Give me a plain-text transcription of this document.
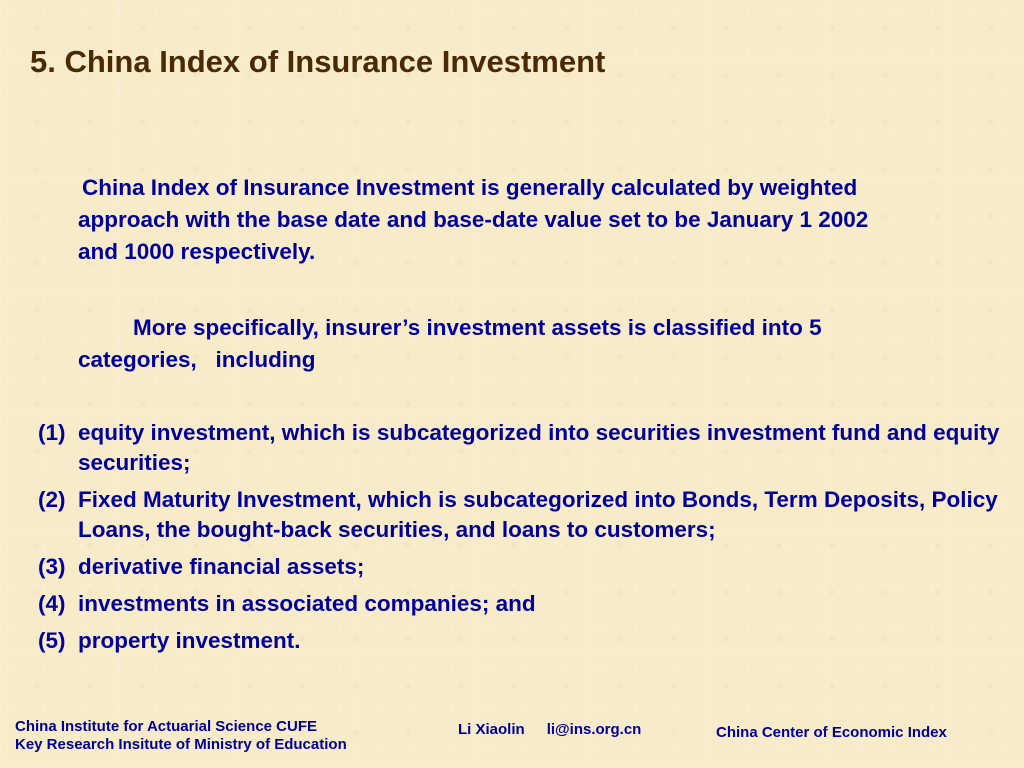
5. China Index of Insurance Investment
China Index of Insurance Investment is generally calculated by weighted
approach with the base date and base-date value set to be January 1 2002
and 1000 respectively.
More specifically, insurer’s investment assets is classified into 5
categories,   including
(1) equity investment, which is subcategorized into securities investment fund and equity securities;
(2) Fixed Maturity Investment, which is subcategorized into Bonds, Term Deposits, Policy Loans, the bought-back securities, and loans to customers;
(3) derivative financial assets;
(4) investments in associated companies; and
(5) property investment.
China Institute for Actuarial Science CUFE
Key Research Insitute of Ministry of Education
Li Xiaolin li@ins.org.cn	China Center of Economic Index
